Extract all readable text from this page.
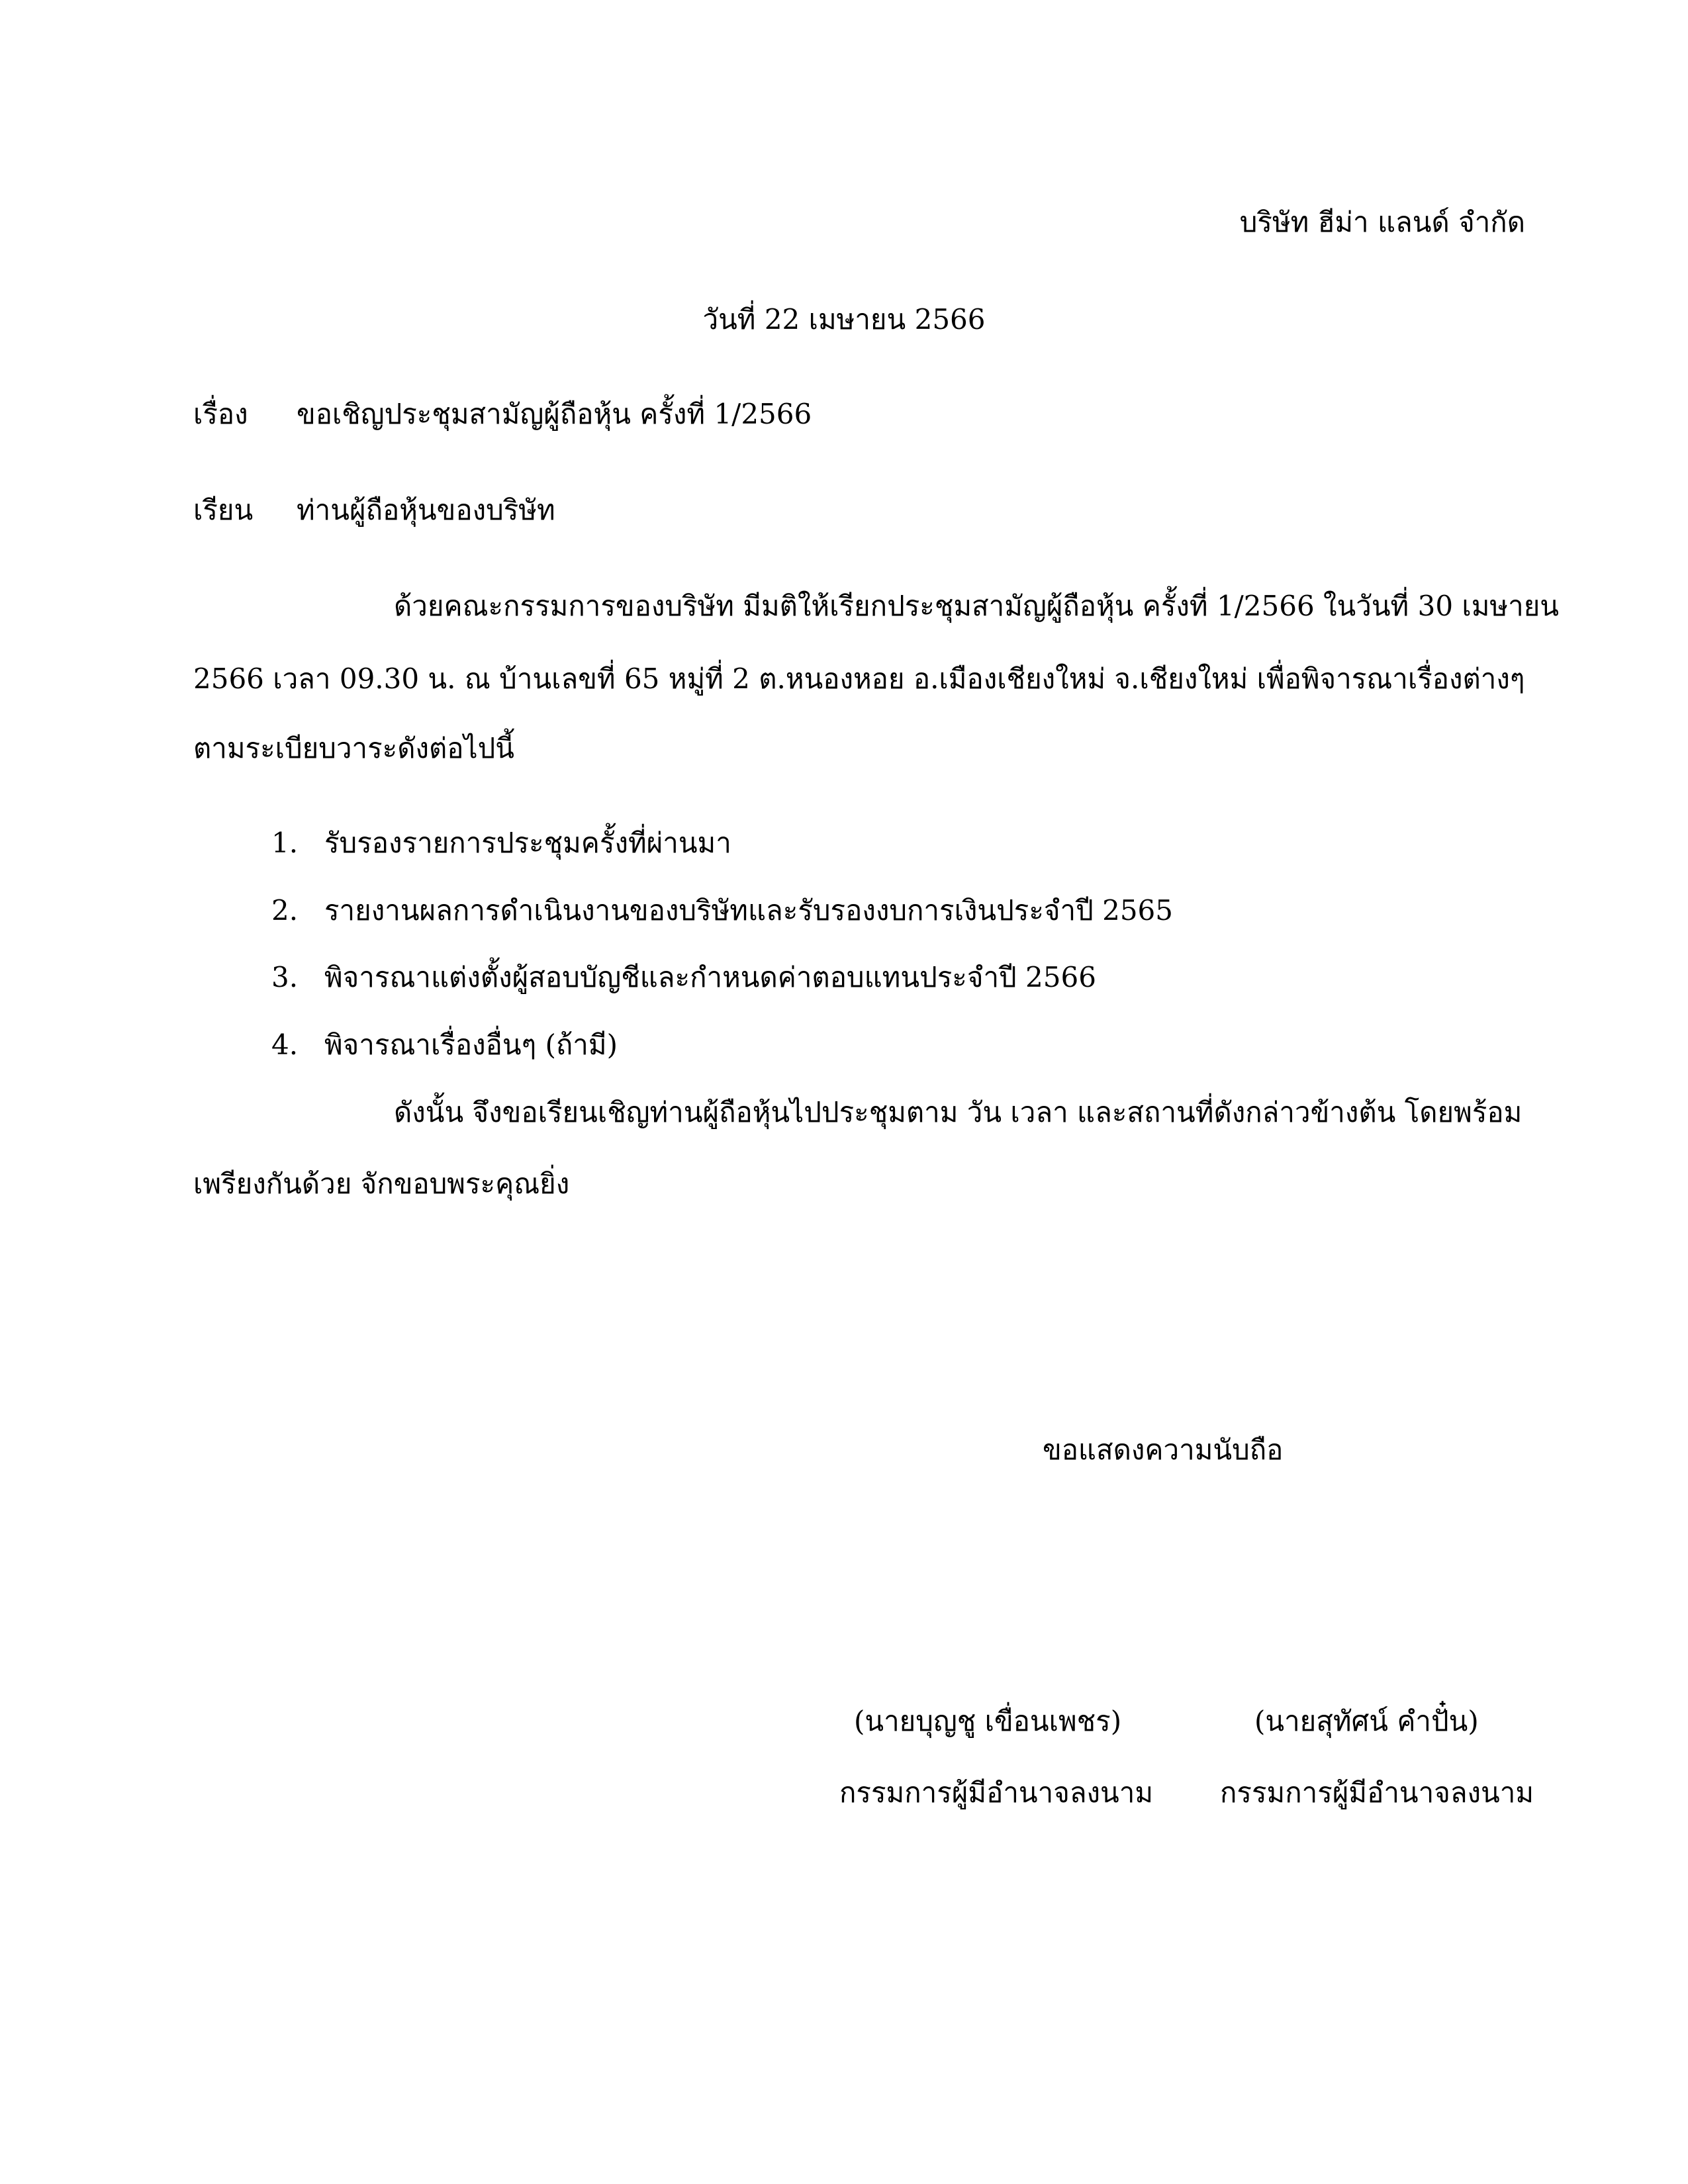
บริษัท ฮีม่า แลนด์ จำกัด
วันที่ 22 เมษายน 2566
เรื่อง ขอเชิญประชุมสามัญผู้ถือหุ้น ครั้งที่ 1/2566
เรียน ท่านผู้ถือหุ้นของบริษัท
ด้วยคณะกรรมการของบริษัท มีมติให้เรียกประชุมสามัญผู้ถือหุ้น ครั้งที่ 1/2566 ในวันที่ 30 เมษายน
2566 เวลา 09.30 น. ณ บ้านเลขที่ 65 หมู่ที่ 2 ต.หนองหอย อ.เมืองเชียงใหม่ จ.เชียงใหม่ เพื่อพิจารณาเรื่องต่างๆ
ตามระเบียบวาระดังต่อไปนี้
1. รับรองรายการประชุมครั้งที่ผ่านมา
2. รายงานผลการดำเนินงานของบริษัทและรับรองงบการเงินประจำปี 2565
3. พิจารณาแต่งตั้งผู้สอบบัญชีและกำหนดค่าตอบแทนประจำปี 2566
4. พิจารณาเรื่องอื่นๆ (ถ้ามี)
ดังนั้น จึงขอเรียนเชิญท่านผู้ถือหุ้นไปประชุมตาม วัน เวลา และสถานที่ดังกล่าวข้างต้น โดยพร้อม
เพรียงกันด้วย จักขอบพระคุณยิ่ง
ขอแสดงความนับถือ
(นายบุญชู เขื่อนเพชร)	(นายสุทัศน์ คำปั๋น)
กรรมการผู้มีอำนาจลงนาม กรรมการผู้มีอำนาจลงนาม
